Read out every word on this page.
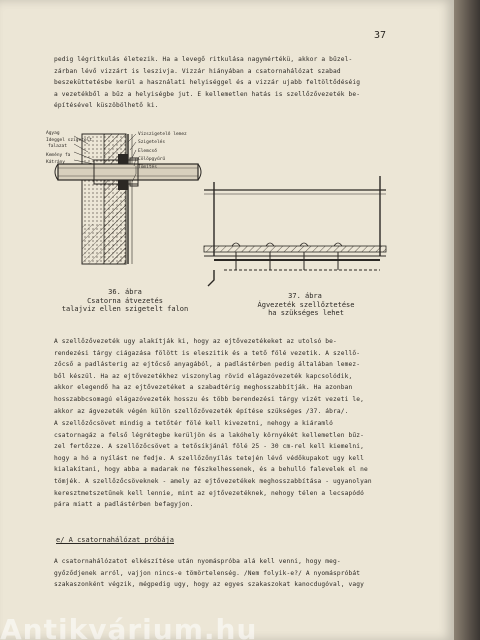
37

pedig légritkulás életezik. Ha a levegő ritkulása nagymértékü, akkor a bűzel-
zárban lévő vizzárt is leszivja. Vizzár hiányában a csatornahálózat szabad
beszeküttetésbe kerül a használati helyiséggel és a vizzár ujabb feltöltődéséig
a vezetékből a bűz a helyiségbe jut. E kellemetlen hatás is szellőzővezeték be-
építésével küszöbölhető ki.

Agyag
Ideggel szigetelt
falazat
Kemény fa
Kátrány
Vízszigetelő lemez
Szigetelés
Elemcső
Cölöpgyűrű
Tömítés

36. ábra

Csatorna átvezetés

talajviz ellen szigetelt falon

37. ábra

Ágvezeték szellőztetése

ha szükséges lehet

A szellőzővezeték ugy alakítják ki, hogy az ejtővezetékeket az utolsó be-
rendezési tárgy ciágazása fölött is eleszitik és a tető fölé vezetik. A szellő-
zőcső a padlásterig az ejtőcső anyagából, a padlástérben pedig általában lemez-
ből készül. Ha az ejtővezetékhez viszonylag rövid elágazóvezeték kapcsolódik,
akkor elegendő ha az ejtővezetéket a szabadtérig meghosszabbítják. Ha azonban
hosszabbcsomagú elágazóvezeték hosszu és több berendezési tárgy vizét vezeti le,
akkor az ágvezeték végén külön szellőzővezeték építése szükséges /37. ábra/.

A szellőzőcsövet mindig a tetőtér fölé kell kivezetni, nehogy a kiáramló
csatornagáz a felső légrétegbe kerüljön és a lakóhely környékét kellemetlen bűz-
zel fertőzze. A szellőzőcsövet a tetősíkjánál fölé 25 - 30 cm-rel kell kiemelni,
hogy a hó a nyílást ne fedje. A szellőzőnyílás tetején lévő védőkupakot ugy kell
kialakítani, hogy abba a madarak ne fészkelhessenek, és a behulló falevelek el ne
tömjék. A szellőzőcsöveknek - amely az ejtővezetékek meghosszabbítása - ugyanolyan
keresztmetszetűnek kell lennie, mint az ejtővezetéknek, nehogy télen a lecsapódó
pára miatt a padlástérben befagyjon.

e/ A csatornahálózat próbája

A csatornahálózatot elkészítése után nyomáspróba alá kell venni, hogy meg-
győződjenek arról, vajjon nincs-e tömörtelenség. /Nem folyik-e?/ A nyomáspróbát
szakaszonként végzik, mégpedig ugy, hogy az egyes szakaszokat kanocdugóval, vagy

Antikvárium.hu
